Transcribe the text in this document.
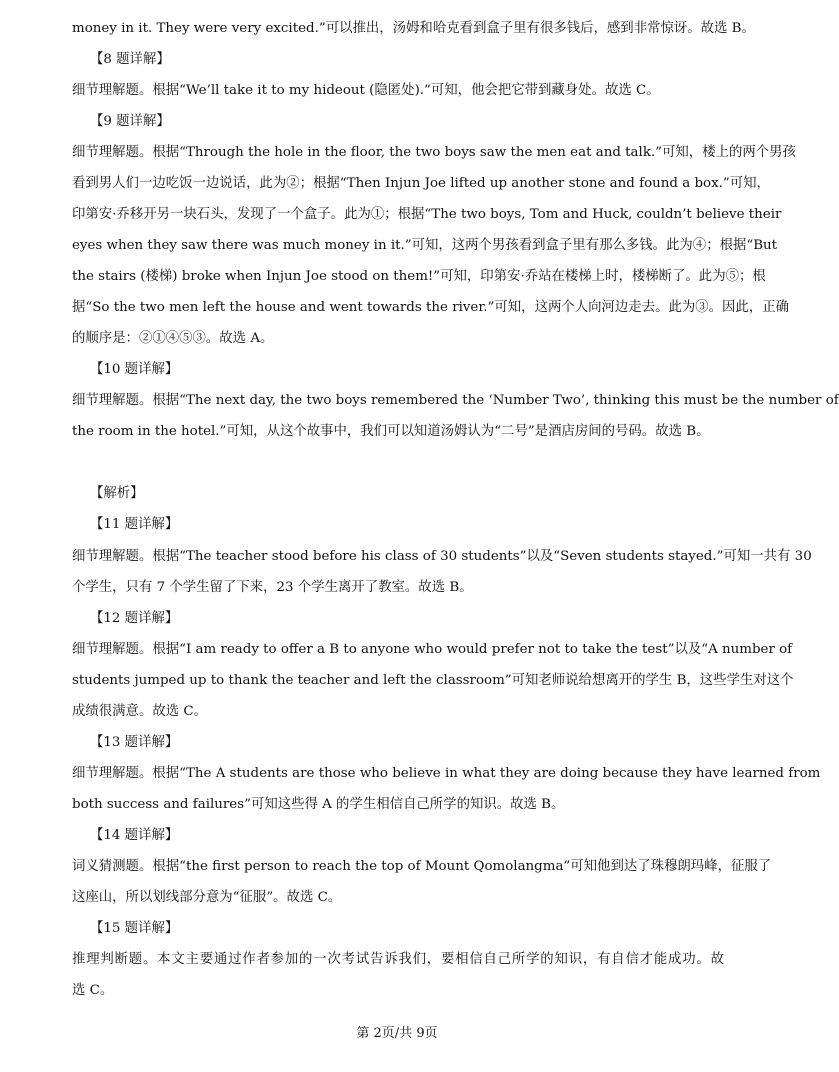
money in it. They were very excited.”可以推出，汤姆和哈克看到盒子里有很多钱后，感到非常惊讶。故选 B。
【8 题详解】
细节理解题。根据“We’ll take it to my hideout (隐匿处).”可知，他会把它带到藏身处。故选 C。
【9 题详解】
细节理解题。根据“Through the hole in the floor, the two boys saw the men eat and talk.”可知，楼上的两个男孩
看到男人们一边吃饭一边说话，此为②；根据“Then Injun Joe lifted up another stone and found a box.”可知，
印第安·乔移开另一块石头，发现了一个盒子。此为①；根据“The two boys, Tom and Huck, couldn’t believe their
eyes when they saw there was much money in it.”可知，这两个男孩看到盒子里有那么多钱。此为④；根据“But
the stairs (楼梯) broke when Injun Joe stood on them!”可知，印第安·乔站在楼梯上时，楼梯断了。此为⑤；根
据“So the two men left the house and went towards the river.”可知，这两个人向河边走去。此为③。因此，正确
的顺序是：②①④⑤③。故选 A。
【10 题详解】
细节理解题。根据“The next day, the two boys remembered the ‘Number Two’, thinking this must be the number of
the room in the hotel.”可知，从这个故事中，我们可以知道汤姆认为“二号”是酒店房间的号码。故选 B。
【解析】
【11 题详解】
细节理解题。根据“The teacher stood before his class of 30 students”以及“Seven students stayed.”可知一共有 30
个学生，只有 7 个学生留了下来，23 个学生离开了教室。故选 B。
【12 题详解】
细节理解题。根据“I am ready to offer a B to anyone who would prefer not to take the test”以及“A number of
students jumped up to thank the teacher and left the classroom”可知老师说给想离开的学生 B，这些学生对这个
成绩很满意。故选 C。
【13 题详解】
细节理解题。根据“The A students are those who believe in what they are doing because they have learned from
both success and failures”可知这些得 A 的学生相信自己所学的知识。故选 B。
【14 题详解】
词义猜测题。根据“the first person to reach the top of Mount Qomolangma”可知他到达了珠穆朗玛峰，征服了
这座山，所以划线部分意为“征服”。故选 C。
【15 题详解】
推理判断题。本文主要通过作者参加的一次考试告诉我们，要相信自己所学的知识，有自信才能成功。故
选 C。
第 2页/共 9页
